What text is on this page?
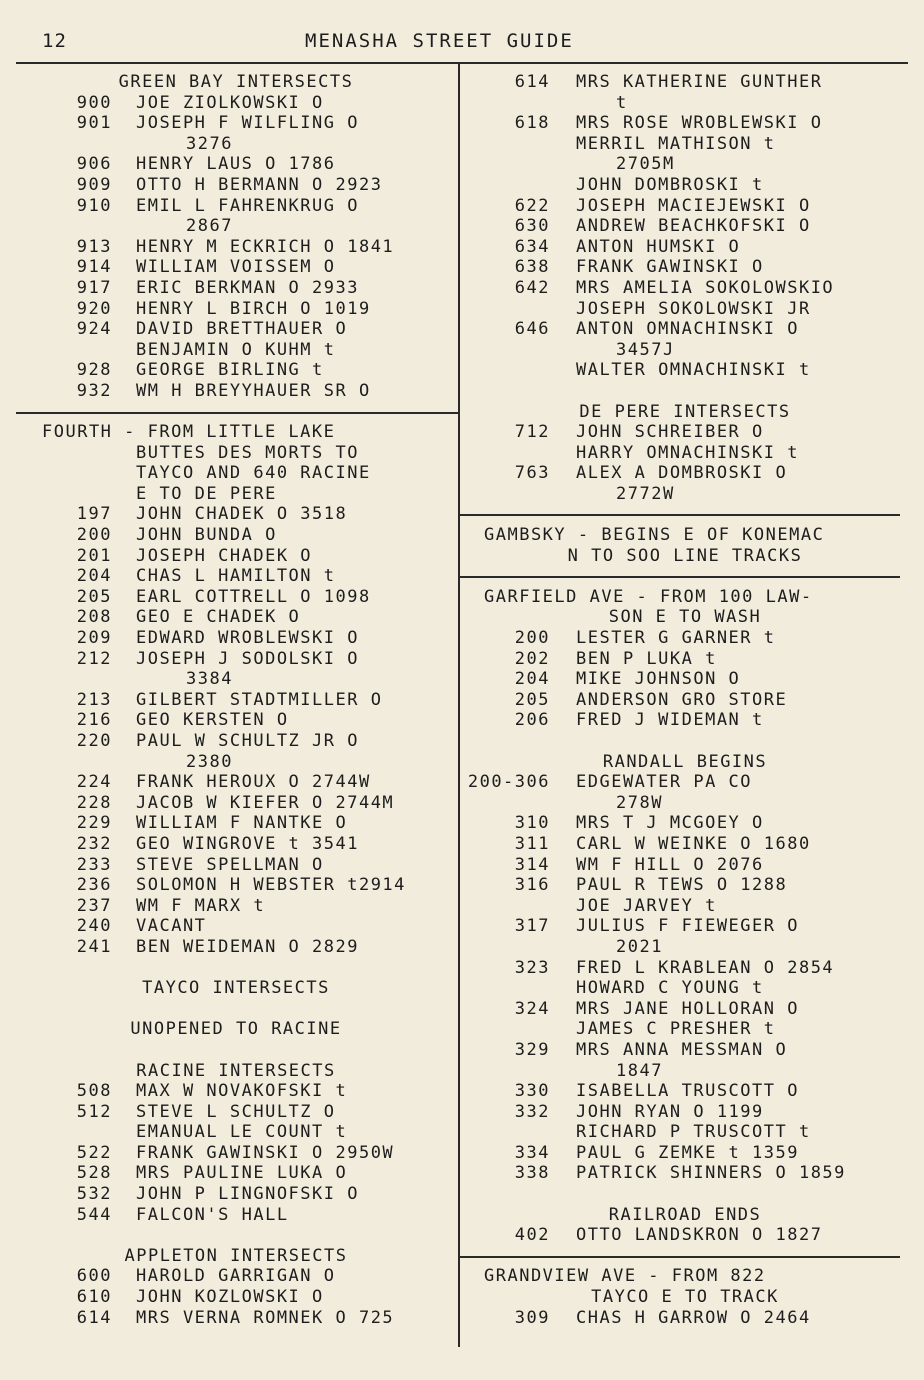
12	MENASHA STREET GUIDE
GREEN BAY INTERSECTS
900 JOE ZIOLKOWSKI O
901 JOSEPH F WILFLING O
3276
906 HENRY LAUS O 1786
909 OTTO H BERMANN O 2923
910 EMIL L FAHRENKRUG O
2867
913 HENRY M ECKRICH O 1841
914 WILLIAM VOISSEM O
917 ERIC BERKMAN O 2933
920 HENRY L BIRCH O 1019
924 DAVID BRETTHAUER O
BENJAMIN O KUHM t
928 GEORGE BIRLING t
932 WM H BREYYHAUER SR O
FOURTH - FROM LITTLE LAKE
BUTTES DES MORTS TO
TAYCO AND 640 RACINE
E TO DE PERE
197 JOHN CHADEK O 3518
200 JOHN BUNDA O
201 JOSEPH CHADEK O
204 CHAS L HAMILTON t
205 EARL COTTRELL O 1098
208 GEO E CHADEK O
209 EDWARD WROBLEWSKI O
212 JOSEPH J SODOLSKI O
3384
213 GILBERT STADTMILLER O
216 GEO KERSTEN O
220 PAUL W SCHULTZ JR O
2380
224 FRANK HEROUX O 2744W
228 JACOB W KIEFER O 2744M
229 WILLIAM F NANTKE O
232 GEO WINGROVE t 3541
233 STEVE SPELLMAN O
236 SOLOMON H WEBSTER t2914
237 WM F MARX t
240 VACANT
241 BEN WEIDEMAN O 2829
TAYCO INTERSECTS
UNOPENED TO RACINE
RACINE INTERSECTS
508 MAX W NOVAKOFSKI t
512 STEVE L SCHULTZ O
EMANUAL LE COUNT t
522 FRANK GAWINSKI O 2950W
528 MRS PAULINE LUKA O
532 JOHN P LINGNOFSKI O
544 FALCON'S HALL
APPLETON INTERSECTS
600 HAROLD GARRIGAN O
610 JOHN KOZLOWSKI O
614 MRS VERNA ROMNEK O 725
614 MRS KATHERINE GUNTHER
t
618 MRS ROSE WROBLEWSKI O
MERRIL MATHISON t
2705M
JOHN DOMBROSKI t
622 JOSEPH MACIEJEWSKI O
630 ANDREW BEACHKOFSKI O
634 ANTON HUMSKI O
638 FRANK GAWINSKI O
642 MRS AMELIA SOKOLOWSKIO
JOSEPH SOKOLOWSKI JR
646 ANTON OMNACHINSKI O
3457J
WALTER OMNACHINSKI t
DE PERE INTERSECTS
712 JOHN SCHREIBER O
HARRY OMNACHINSKI t
763 ALEX A DOMBROSKI O
2772W
GAMBSKY - BEGINS E OF KONEMAC
N TO SOO LINE TRACKS
GARFIELD AVE - FROM 100 LAW-
SON E TO WASH
200 LESTER G GARNER t
202 BEN P LUKA t
204 MIKE JOHNSON O
205 ANDERSON GRO STORE
206 FRED J WIDEMAN t
RANDALL BEGINS
200-306 EDGEWATER PA CO
278W
310 MRS T J MCGOEY O
311 CARL W WEINKE O 1680
314 WM F HILL O 2076
316 PAUL R TEWS O 1288
JOE JARVEY t
317 JULIUS F FIEWEGER O
2021
323 FRED L KRABLEAN O 2854
HOWARD C YOUNG t
324 MRS JANE HOLLORAN O
JAMES C PRESHER t
329 MRS ANNA MESSMAN O
1847
330 ISABELLA TRUSCOTT O
332 JOHN RYAN O 1199
RICHARD P TRUSCOTT t
334 PAUL G ZEMKE t 1359
338 PATRICK SHINNERS O 1859
RAILROAD ENDS
402 OTTO LANDSKRON O 1827
GRANDVIEW AVE - FROM 822
TAYCO E TO TRACK
309 CHAS H GARROW O 2464
